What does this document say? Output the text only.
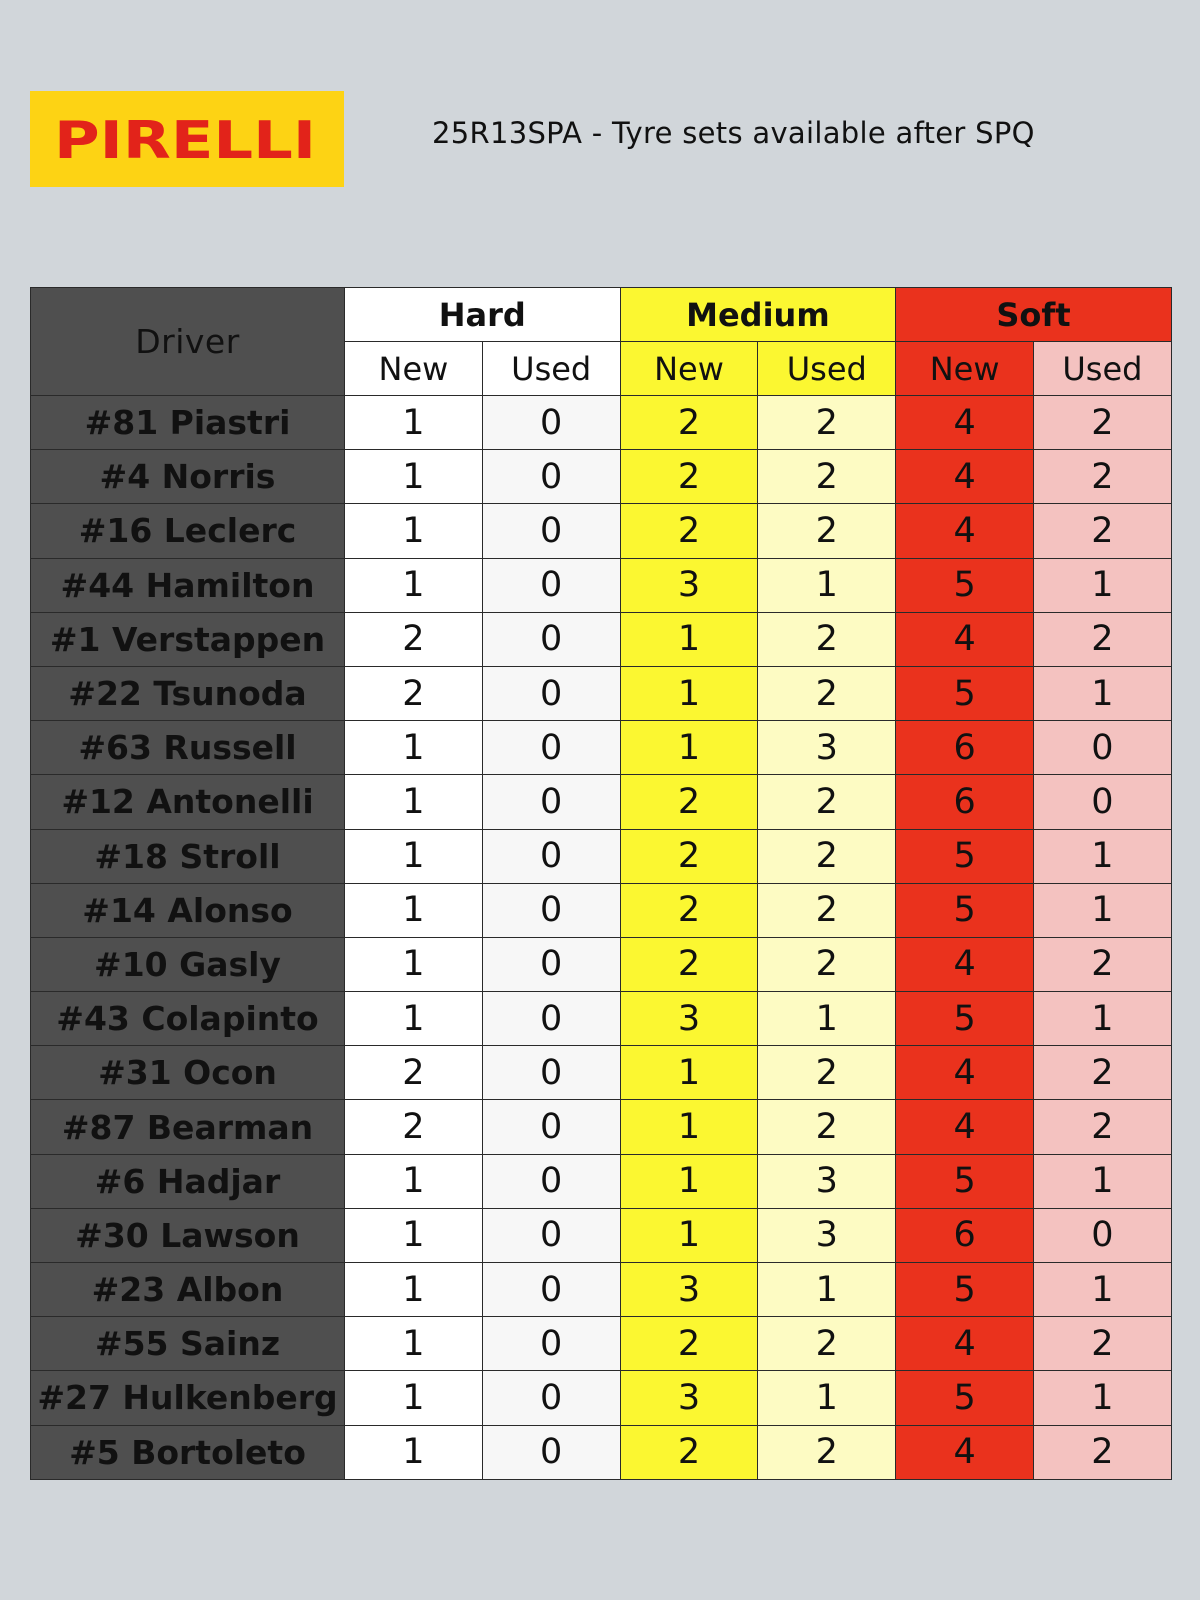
PIRELLI	25R13SPA - Tyre sets available after SPQ
Driver	Hard		Medium		Soft	
	New	Used	New	Used	New	Used
#81 Piastri	1	0	2	2	4	2
#4 Norris	1	0	2	2	4	2
#16 Leclerc	1	0	2	2	4	2
#44 Hamilton	1	0	3	1	5	1
#1 Verstappen	2	0	1	2	4	2
#22 Tsunoda	2	0	1	2	5	1
#63 Russell	1	0	1	3	6	0
#12 Antonelli	1	0	2	2	6	0
#18 Stroll	1	0	2	2	5	1
#14 Alonso	1	0	2	2	5	1
#10 Gasly	1	0	2	2	4	2
#43 Colapinto	1	0	3	1	5	1
#31 Ocon	2	0	1	2	4	2
#87 Bearman	2	0	1	2	4	2
#6 Hadjar	1	0	1	3	5	1
#30 Lawson	1	0	1	3	6	0
#23 Albon	1	0	3	1	5	1
#55 Sainz	1	0	2	2	4	2
#27 Hulkenberg	1	0	3	1	5	1
#5 Bortoleto	1	0	2	2	4	2
